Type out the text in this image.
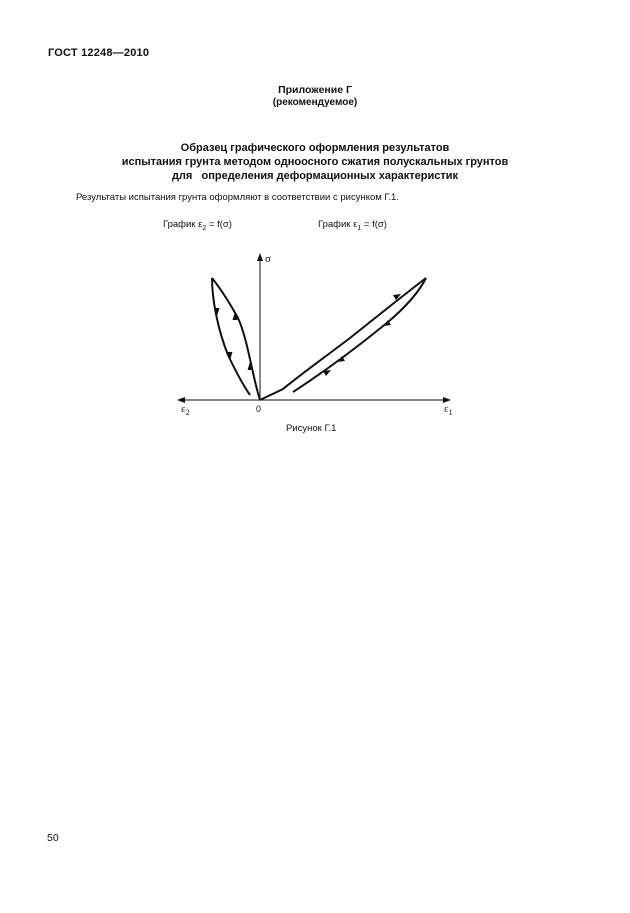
ГОСТ 12248—2010
Приложение Г
(рекомендуемое)
Образец графического оформления результатов
испытания грунта методом одноосного сжатия полускальных грунтов
для   определения деформационных характеристик
Результаты испытания грунта оформляют в соответствии с рисунком Г.1.
График $\varepsilon_2 = f(\sigma)$	График $\varepsilon_1 = f(\sigma)$
σ
$\varepsilon_2$	0	$\varepsilon_1$
Рисунок Г.1
50
